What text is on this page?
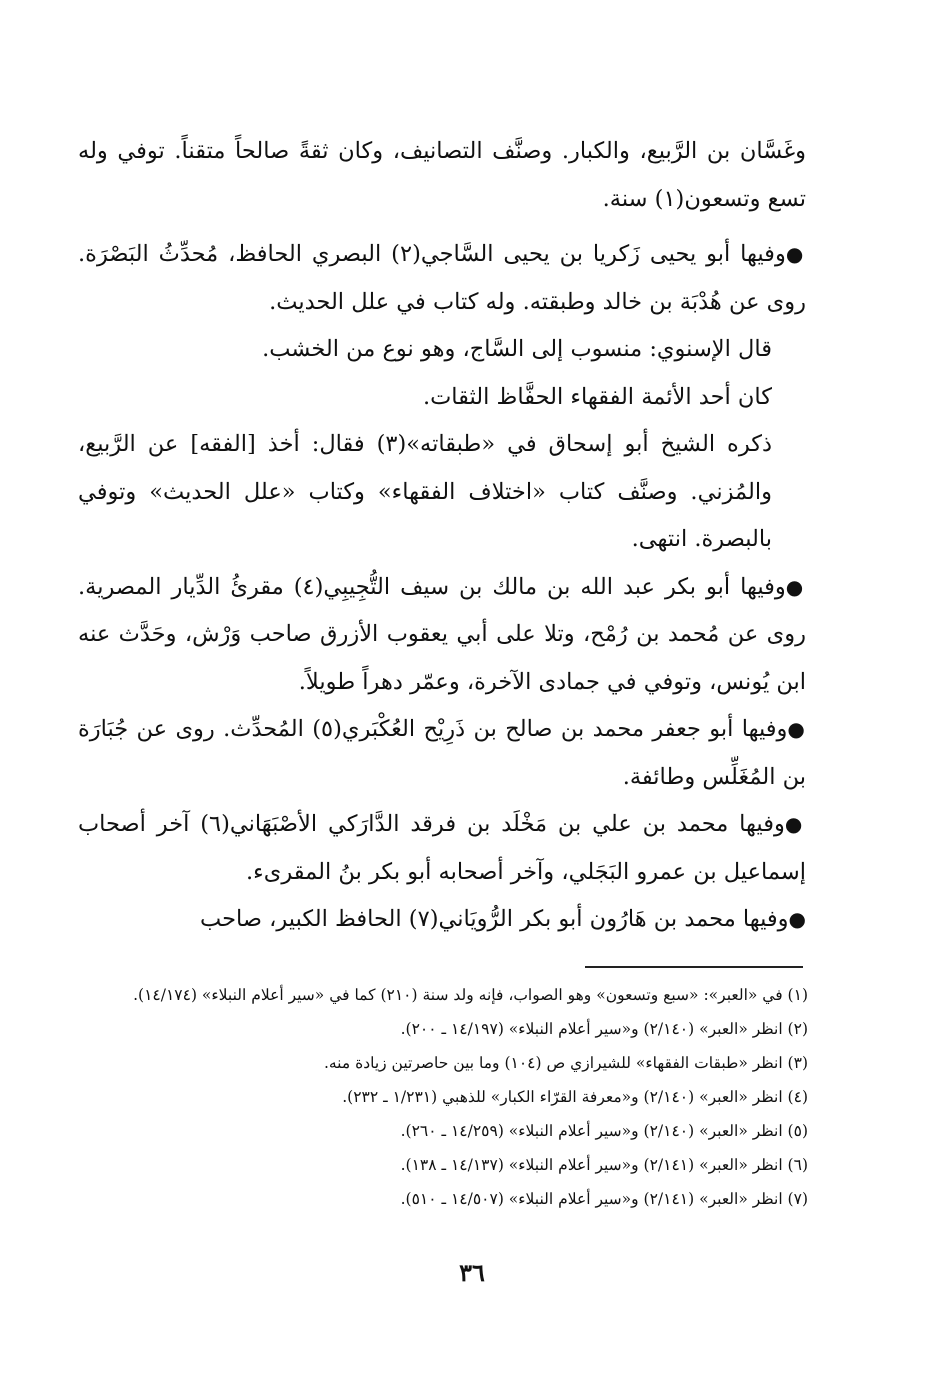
وغَسَّان بن الرَّبيع، والكبار. وصنَّف التصانيف، وكان ثقةً صالحاً متقناً. توفي وله تسع وتسعون(١) سنة.

●وفيها أبو يحيى زَكريا بن يحيى السَّاجي(٢) البصري الحافظ، مُحدِّثُ البَصْرَة. روى عن هُدْبَة بن خالد وطبقته. وله كتاب في علل الحديث.

قال الإسنوي: منسوب إلى السَّاج، وهو نوع من الخشب.

كان أحد الأئمة الفقهاء الحفَّاظ الثقات.

ذكره الشيخ أبو إسحاق في «طبقاته»(٣) فقال: أخذ [الفقه] عن الرَّبيع، والمُزني. وصنَّف كتاب «اختلاف الفقهاء» وكتاب «علل الحديث» وتوفي بالبصرة. انتهى.

●وفيها أبو بكر عبد الله بن مالك بن سيف التُّجِيبِي(٤) مقرئُ الدِّيار المصرية. روى عن مُحمد بن رُمْح، وتلا على أبي يعقوب الأزرق صاحب وَرْش، وحَدَّث عنه ابن يُونس، وتوفي في جمادى الآخرة، وعمّر دهراً طويلاً.

●وفيها أبو جعفر محمد بن صالح بن ذَرِيْح العُكْبَري(٥) المُحدِّث. روى عن جُبَارَة بن المُغَلِّس وطائفة.

●وفيها محمد بن علي بن مَخْلَد بن فرقد الدَّارَكي الأصْبَهَاني(٦) آخر أصحاب إسماعيل بن عمرو البَجَلي، وآخر أصحابه أبو بكر بنُ المقرىء.

●وفيها محمد بن هَارُون أبو بكر الرُّويَاني(٧) الحافظ الكبير، صاحب

(١) في «العبر»: «سبع وتسعون» وهو الصواب، فإنه ولد سنة (٢١٠) كما في «سير أعلام النبلاء» (١٤/١٧٤).

(٢) انظر «العبر» (٢/١٤٠) و«سير أعلام النبلاء» (١٤/١٩٧ ـ ٢٠٠).

(٣) انظر «طبقات الفقهاء» للشيرازي ص (١٠٤) وما بين حاصرتين زيادة منه.

(٤) انظر «العبر» (٢/١٤٠) و«معرفة القرّاء الكبار» للذهبي (١/٢٣١ ـ ٢٣٢).

(٥) انظر «العبر» (٢/١٤٠) و«سير أعلام النبلاء» (١٤/٢٥٩ ـ ٢٦٠).

(٦) انظر «العبر» (٢/١٤١) و«سير أعلام النبلاء» (١٤/١٣٧ ـ ١٣٨).

(٧) انظر «العبر» (٢/١٤١) و«سير أعلام النبلاء» (١٤/٥٠٧ ـ ٥١٠).

٣٦
